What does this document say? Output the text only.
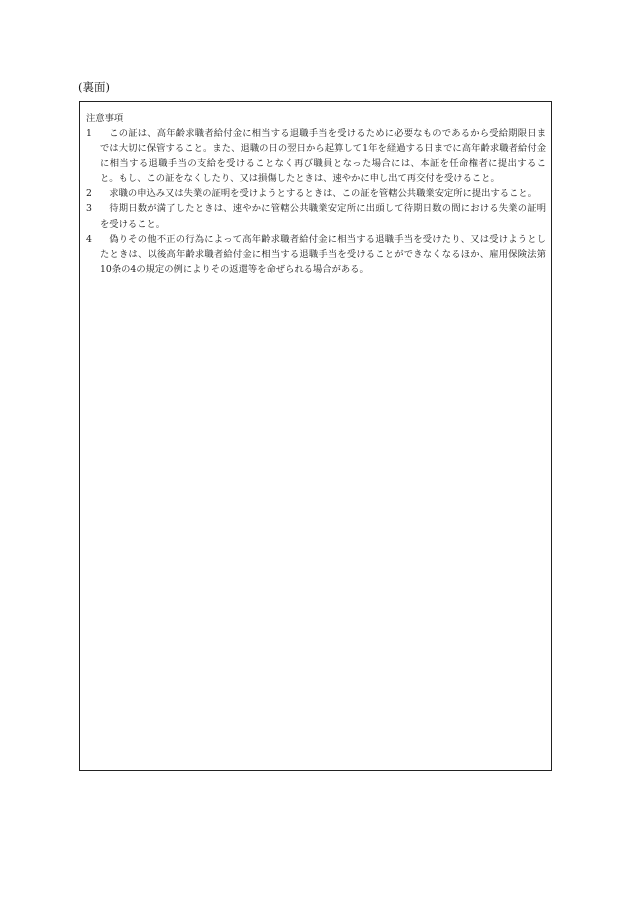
(裏面)
注意事項
1	この証は、高年齢求職者給付金に相当する退職手当を受けるために必要なものであるから受給期限日までは大切に保管すること。また、退職の日の翌日から起算して1年を経過する日までに高年齢求職者給付金に相当する退職手当の支給を受けることなく再び職員となった場合には、本証を任命権者に提出すること。もし、この証をなくしたり、又は損傷したときは、速やかに申し出て再交付を受けること。
2	求職の申込み又は失業の証明を受けようとするときは、この証を管轄公共職業安定所に提出すること。
3	待期日数が満了したときは、速やかに管轄公共職業安定所に出頭して待期日数の間における失業の証明を受けること。
4	偽りその他不正の行為によって高年齢求職者給付金に相当する退職手当を受けたり、又は受けようとしたときは、以後高年齢求職者給付金に相当する退職手当を受けることができなくなるほか、雇用保険法第10条の4の規定の例によりその返還等を命ぜられる場合がある。
